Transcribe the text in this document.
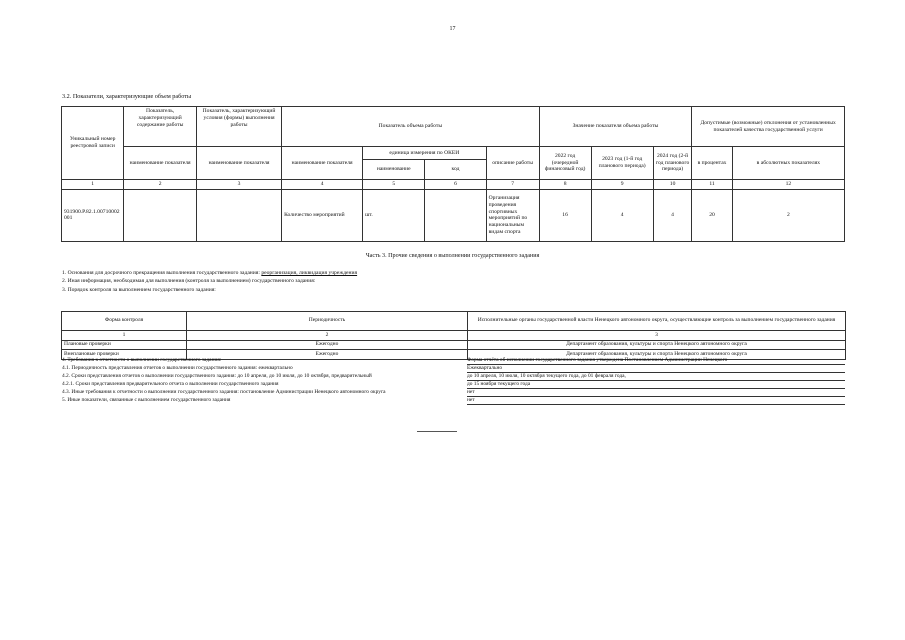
17
3.2. Показатели, характеризующие объем работы
Уникальный номер реестровой записи	Показатель, характеризующий содержание работы	Показатель, характеризующий условия (формы) выполнения работы	Показатель объема работы				Значение показателя объема работы			Допустимые (возможные) отклонения от установленных показателей качества государственной услуги	
	наименование показателя	наименование показателя	наименование показателя	единица измерения по ОКЕИ		описание работы	2022 год (очередной финансовый год)	2023 год (1-й год планового периода)	2024 год (2-й год планового периода)	в процентах	в абсолютных показателях
				наименование	код						
1	2	3	4	5	6	7	8	9	10	11	12
931900.Р.82.1.00710002001			Количество мероприятий	шт.		Организация проведения спортивных мероприятий по национальным видам спорта	16	4	4	20	2
Часть 3. Прочие сведения о выполнении государственного задания
1. Основания для досрочного прекращения выполнения государственного задания: реорганизация, ликвидация учреждения
2. Иная информация, необходимая для выполнения (контроля за выполнением) государственного задания:
3. Порядок контроля за выполнением государственного задания:
Форма контроля	Периодичность	Исполнительные органы государственной власти Ненецкого автономного округа, осуществляющие контроль за выполнением государственного задания
1	2	3
Плановые проверки	Ежегодно	Департамент образования, культуры и спорта Ненецкого автономного округа
Внеплановые проверки	Ежегодно	Департамент образования, культуры и спорта Ненецкого автономного округа
4. Требования к отчетности о выполнении государственного задания:	Форма отчёта об исполнении государственного задания утверждена Постановлением Администрации Ненецкого
4.1. Периодичность представления отчетов о выполнении государственного задания: ежеквартально	Ежеквартально
4.2. Сроки представления отчетов о выполнении государственного задания: до 10 апреля, до 10 июля, до 10 октября, предварительный	до 10 апреля, 10 июля, 10 октября текущего года, до 01 февраля года,
4.2.1. Сроки представления предварительного отчета о выполнении государственного задания	до 15 ноября текущего года
4.3. Иные требования к отчетности о выполнении государственного задания: постановление Администрации Ненецкого автономного округа	нет
5. Иные показатели, связанные с выполнением государственного задания	нет
